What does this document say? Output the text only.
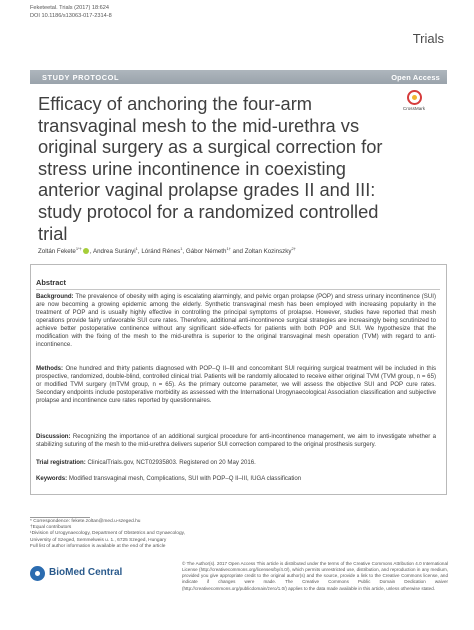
Feketeetal. Trials (2017) 18:624
DOI 10.1186/s13063-017-2314-8
Trials
STUDY PROTOCOL	Open Access
Efficacy of anchoring the four-arm transvaginal mesh to the mid-urethra vs original surgery as a surgical correction for stress urine incontinence in coexisting anterior vaginal prolapse grades II and III: study protocol for a randomized controlled trial
CrossMark
Zoltán Fekete$^{1*\dagger}$ , Andrea Surányi$^1$, Lóránd Rénes$^1$, Gábor Németh$^{1\dagger}$ and Zoltan Kozinszky$^{2\dagger}$
Abstract

Background: The prevalence of obesity with aging is escalating alarmingly, and pelvic organ prolapse (POP) and stress urinary incontinence (SUI) are now becoming a growing epidemic among the elderly. Synthetic transvaginal mesh has been employed with increasing popularity in the treatment of POP and is usually highly effective in controlling the principal symptoms of prolapse. However, studies have reported that mesh operations provide fairly unfavorable SUI cure rates. Therefore, additional anti-incontinence surgical strategies are increasingly being scrutinized to achieve better postoperative continence without any significant side-effects for patients with both POP and SUI. We hypothesize that the modification with the fixing of the mesh to the mid-urethra is superior to the original transvaginal mesh operation (TVM) with regard to anti-incontinence.

Methods: One hundred and thirty patients diagnosed with POP–Q II–III and concomitant SUI requiring surgical treatment will be included in this prospective, randomized, double-blind, controlled clinical trial. Patients will be randomly allocated to receive either original TVM (TVM group, n = 65) or modified TVM surgery (mTVM group, n = 65). As the primary outcome parameter, we will assess the objective SUI and POP cure rates. Secondary endpoints include postoperative morbidity as assessed with the International Urogynaecological Association classification and subjective prolapse and incontinence cure rates reported by questionnaires.

Discussion: Recognizing the importance of an additional surgical procedure for anti-incontinence management, we aim to investigate whether a stabilizing suturing of the mesh to the mid-urethra delivers superior SUI correction compared to the original prosthesis surgery.

Trial registration: ClinicalTrials.gov, NCT02935803. Registered on 20 May 2016.

Keywords: Modified transvaginal mesh, Complications, SUI with POP–Q II–III, IUGA classification

* Correspondence: fekete.zoltan@med.u-szeged.hu
†Equal contributors
¹Division of Urogynaecology, Department of Obstetrics and Gynaecology,
University of Szeged, Semmelweis u. 1., 6725 Szeged, Hungary
Full list of author information is available at the end of the article
BioMed Central
© The Author(s). 2017 Open Access This article is distributed under the terms of the Creative Commons Attribution 4.0 International License (http://creativecommons.org/licenses/by/4.0/), which permits unrestricted use, distribution, and reproduction in any medium, provided you give appropriate credit to the original author(s) and the source, provide a link to the Creative Commons license, and indicate if changes were made. The Creative Commons Public Domain Dedication waiver (http://creativecommons.org/publicdomain/zero/1.0/) applies to the data made available in this article, unless otherwise stated.
